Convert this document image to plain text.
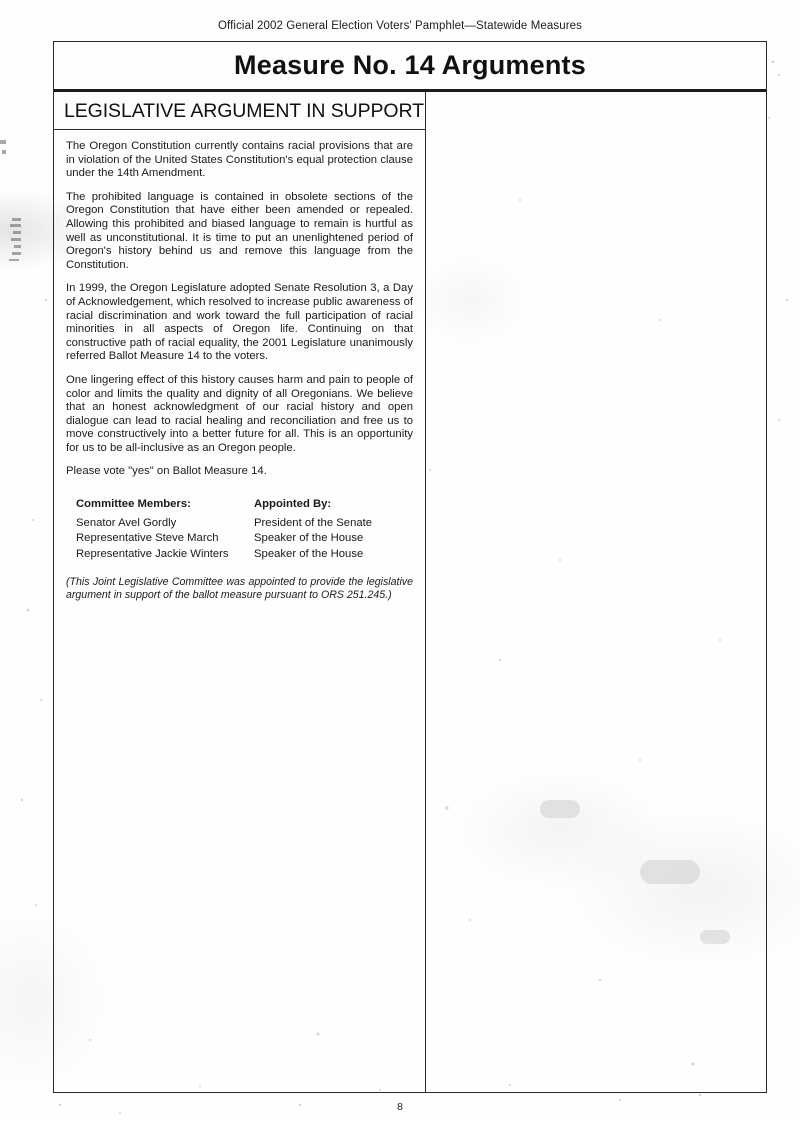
Official 2002 General Election Voters' Pamphlet—Statewide Measures
Measure No. 14 Arguments
LEGISLATIVE ARGUMENT IN SUPPORT

The Oregon Constitution currently contains racial provisions that are in violation of the United States Constitution's equal protection clause under the 14th Amendment.

The prohibited language is contained in obsolete sections of the Oregon Constitution that have either been amended or repealed. Allowing this prohibited and biased language to remain is hurtful as well as unconstitutional. It is time to put an unenlightened period of Oregon's history behind us and remove this language from the Constitution.

In 1999, the Oregon Legislature adopted Senate Resolution 3, a Day of Acknowledgement, which resolved to increase public awareness of racial discrimination and work toward the full participation of racial minorities in all aspects of Oregon life. Continuing on that constructive path of racial equality, the 2001 Legislature unanimously referred Ballot Measure 14 to the voters.

One lingering effect of this history causes harm and pain to people of color and limits the quality and dignity of all Oregonians. We believe that an honest acknowledgment of our racial history and open dialogue can lead to racial healing and reconciliation and free us to move constructively into a better future for all. This is an opportunity for us to be all-inclusive as an Oregon people.

Please vote "yes" on Ballot Measure 14.

Committee Members:	Appointed By:
Senator Avel Gordly	President of the Senate
Representative Steve March	Speaker of the House
Representative Jackie Winters	Speaker of the House
(This Joint Legislative Committee was appointed to provide the legislative argument in support of the ballot measure pursuant to ORS 251.245.)
8
